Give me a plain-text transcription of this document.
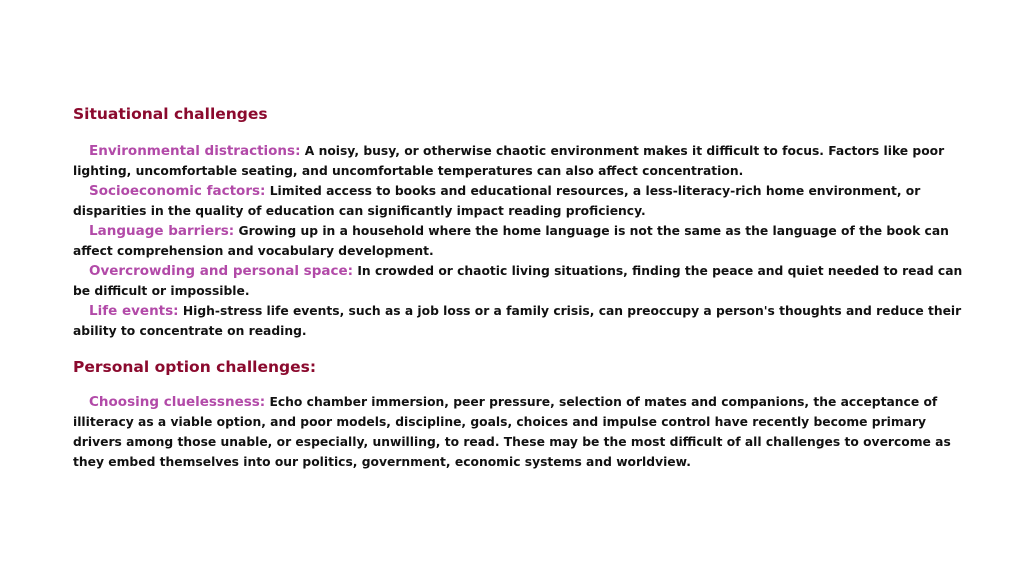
Situational challenges

Environmental distractions: A noisy, busy, or otherwise chaotic environment makes it difficult to focus. Factors like poor lighting, uncomfortable seating, and uncomfortable temperatures can also affect concentration.

Socioeconomic factors: Limited access to books and educational resources, a less-literacy-rich home environment, or disparities in the quality of education can significantly impact reading proficiency.

Language barriers: Growing up in a household where the home language is not the same as the language of the book can affect comprehension and vocabulary development.

Overcrowding and personal space: In crowded or chaotic living situations, finding the peace and quiet needed to read can be difficult or impossible.

Life events: High-stress life events, such as a job loss or a family crisis, can preoccupy a person's thoughts and reduce their ability to concentrate on reading.

Personal option challenges:

Choosing cluelessness: Echo chamber immersion, peer pressure, selection of mates and companions, the acceptance of illiteracy as a viable option, and poor models, discipline, goals, choices and impulse control have recently become primary drivers among those unable, or especially, unwilling, to read. These may be the most difficult of all challenges to overcome as they embed themselves into our politics, government, economic systems and worldview.
